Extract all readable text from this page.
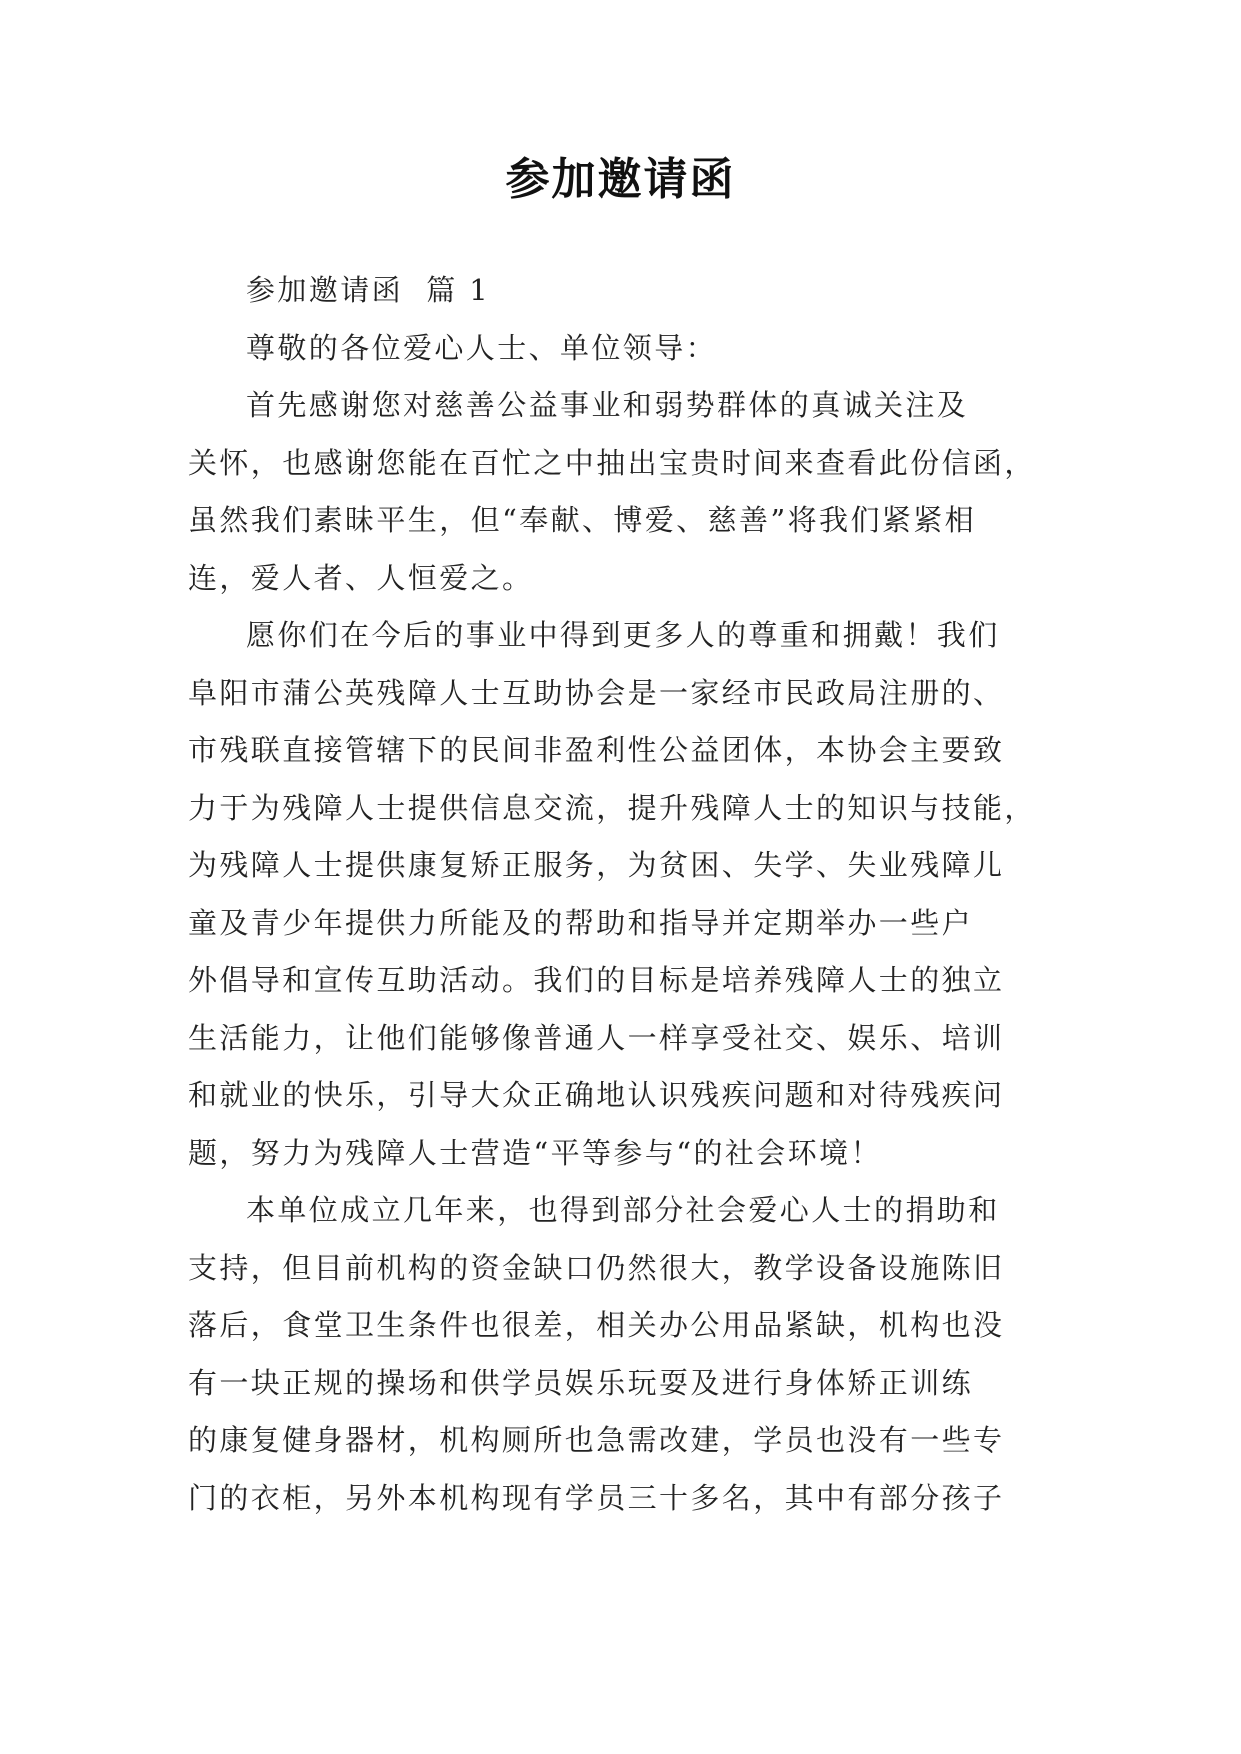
参加邀请函

参加邀请函  篇 1

尊敬的各位爱心人士、单位领导：

首先感谢您对慈善公益事业和弱势群体的真诚关注及
关怀，也感谢您能在百忙之中抽出宝贵时间来查看此份信函，
虽然我们素昧平生，但“奉献、博爱、慈善”将我们紧紧相
连，爱人者、人恒爱之。

愿你们在今后的事业中得到更多人的尊重和拥戴！我们
阜阳市蒲公英残障人士互助协会是一家经市民政局注册的、
市残联直接管辖下的民间非盈利性公益团体，本协会主要致
力于为残障人士提供信息交流，提升残障人士的知识与技能，
为残障人士提供康复矫正服务，为贫困、失学、失业残障儿
童及青少年提供力所能及的帮助和指导并定期举办一些户
外倡导和宣传互助活动。我们的目标是培养残障人士的独立
生活能力，让他们能够像普通人一样享受社交、娱乐、培训
和就业的快乐，引导大众正确地认识残疾问题和对待残疾问
题，努力为残障人士营造“平等参与“的社会环境！

本单位成立几年来，也得到部分社会爱心人士的捐助和
支持，但目前机构的资金缺口仍然很大，教学设备设施陈旧
落后，食堂卫生条件也很差，相关办公用品紧缺，机构也没
有一块正规的操场和供学员娱乐玩耍及进行身体矫正训练
的康复健身器材，机构厕所也急需改建，学员也没有一些专
门的衣柜，另外本机构现有学员三十多名，其中有部分孩子
